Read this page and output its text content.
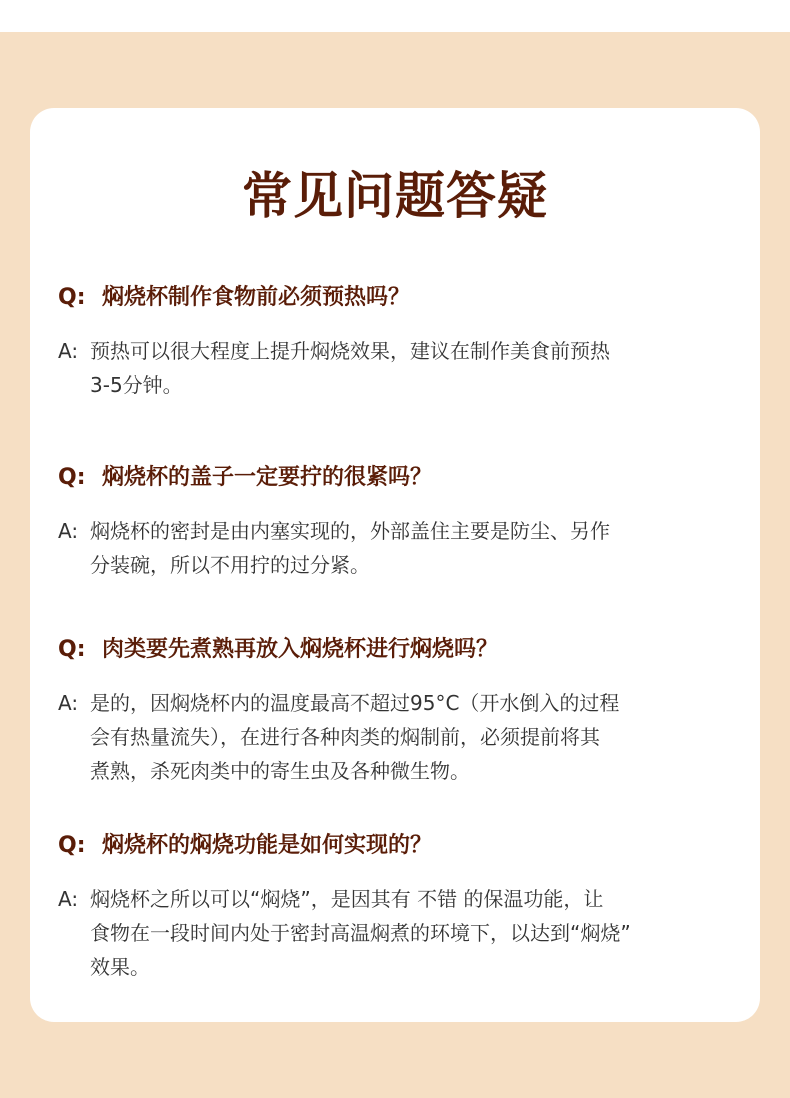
常见问题答疑
Q: 焖烧杯制作食物前必须预热吗？
A: 预热可以很大程度上提升焖烧效果，建议在制作美食前预热
3-5分钟。
Q: 焖烧杯的盖子一定要拧的很紧吗？
A: 焖烧杯的密封是由内塞实现的，外部盖住主要是防尘、另作
分装碗，所以不用拧的过分紧。
Q: 肉类要先煮熟再放入焖烧杯进行焖烧吗？
A: 是的，因焖烧杯内的温度最高不超过95°C（开水倒入的过程
会有热量流失），在进行各种肉类的焖制前，必须提前将其
煮熟，杀死肉类中的寄生虫及各种微生物。
Q: 焖烧杯的焖烧功能是如何实现的？
A: 焖烧杯之所以可以“焖烧”，是因其有 不错 的保温功能，让
食物在一段时间内处于密封高温焖煮的环境下，以达到“焖烧”
效果。
